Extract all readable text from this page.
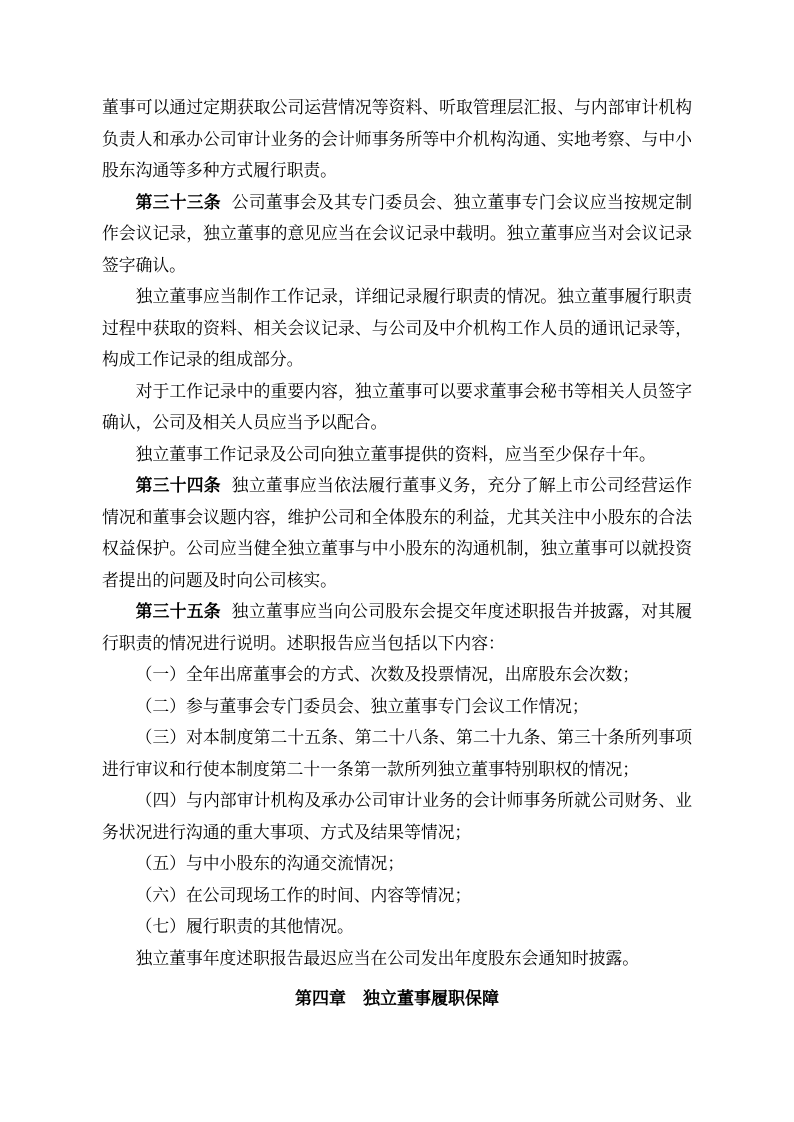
董事可以通过定期获取公司运营情况等资料、听取管理层汇报、与内部审计机构负责人和承办公司审计业务的会计师事务所等中介机构沟通、实地考察、与中小股东沟通等多种方式履行职责。

第三十三条 公司董事会及其专门委员会、独立董事专门会议应当按规定制作会议记录，独立董事的意见应当在会议记录中载明。独立董事应当对会议记录签字确认。

独立董事应当制作工作记录，详细记录履行职责的情况。独立董事履行职责过程中获取的资料、相关会议记录、与公司及中介机构工作人员的通讯记录等，构成工作记录的组成部分。

对于工作记录中的重要内容，独立董事可以要求董事会秘书等相关人员签字确认，公司及相关人员应当予以配合。

独立董事工作记录及公司向独立董事提供的资料，应当至少保存十年。

第三十四条 独立董事应当依法履行董事义务，充分了解上市公司经营运作情况和董事会议题内容，维护公司和全体股东的利益，尤其关注中小股东的合法权益保护。公司应当健全独立董事与中小股东的沟通机制，独立董事可以就投资者提出的问题及时向公司核实。

第三十五条 独立董事应当向公司股东会提交年度述职报告并披露，对其履行职责的情况进行说明。述职报告应当包括以下内容：

（一）全年出席董事会的方式、次数及投票情况，出席股东会次数；

（二）参与董事会专门委员会、独立董事专门会议工作情况；

（三）对本制度第二十五条、第二十八条、第二十九条、第三十条所列事项进行审议和行使本制度第二十一条第一款所列独立董事特别职权的情况；

（四）与内部审计机构及承办公司审计业务的会计师事务所就公司财务、业务状况进行沟通的重大事项、方式及结果等情况；

（五）与中小股东的沟通交流情况；

（六）在公司现场工作的时间、内容等情况；

（七）履行职责的其他情况。

独立董事年度述职报告最迟应当在公司发出年度股东会通知时披露。

第四章 独立董事履职保障
